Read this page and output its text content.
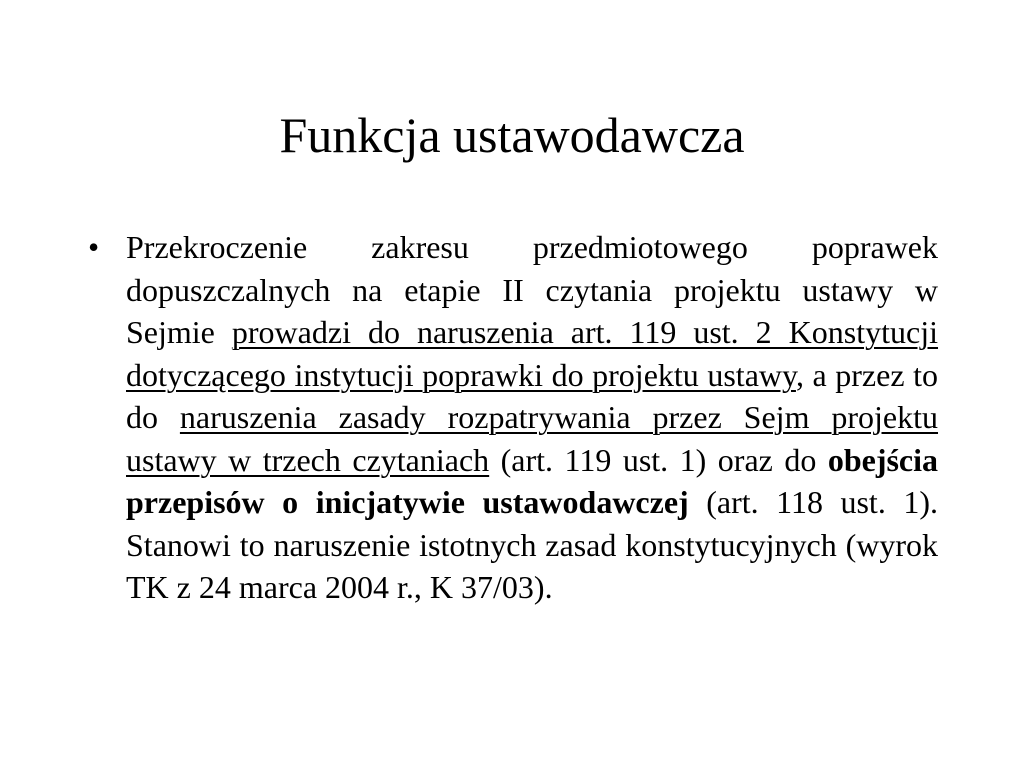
Funkcja ustawodawcza
• Przekroczenie zakresu przedmiotowego poprawek dopuszczalnych na etapie II czytania projektu ustawy w Sejmie prowadzi do naruszenia art. 119 ust. 2 Konstytucji dotyczącego instytucji poprawki do projektu ustawy, a przez to do naruszenia zasady rozpatrywania przez Sejm projektu ustawy w trzech czytaniach (art. 119 ust. 1) oraz do obejścia przepisów o inicjatywie ustawodawczej (art. 118 ust. 1). Stanowi to naruszenie istotnych zasad konstytucyjnych (wyrok TK z 24 marca 2004 r., K 37/03).
